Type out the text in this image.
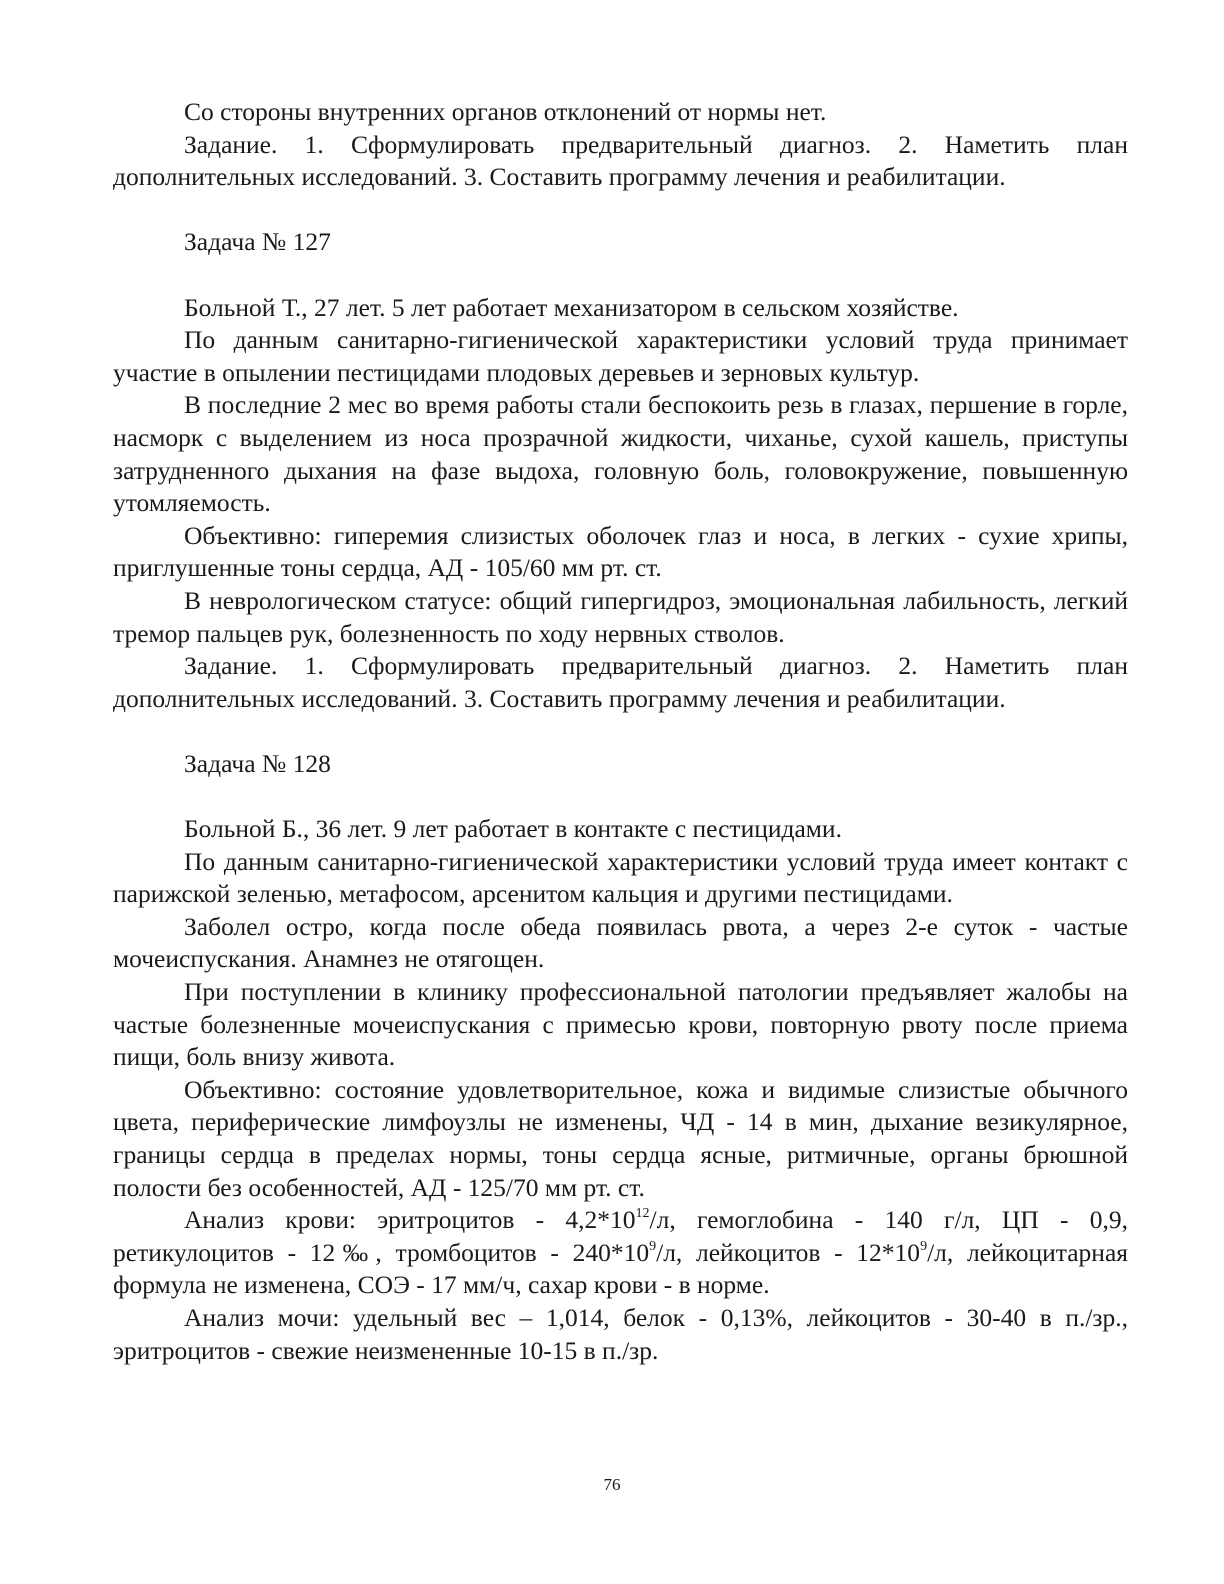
Со стороны внутренних органов отклонений от нормы нет.

Задание. 1. Сформулировать предварительный диагноз. 2. Наметить план дополнительных исследований. 3. Составить программу лечения и реабилитации.

Задача № 127

Больной Т., 27 лет. 5 лет работает механизатором в сельском хозяйстве.

По данным санитарно-гигиенической характеристики условий труда принимает участие в опылении пестицидами плодовых деревьев и зерновых культур.

В последние 2 мес во время работы стали беспокоить резь в глазах, першение в горле, насморк с выделением из носа прозрачной жидкости, чиханье, сухой кашель, приступы затрудненного дыхания на фазе выдоха, головную боль, головокружение, повышенную утомляемость.

Объективно: гиперемия слизистых оболочек глаз и носа, в легких - сухие хрипы, приглушенные тоны сердца, АД - 105/60 мм рт. ст.

В неврологическом статусе: общий гипергидроз, эмоциональная лабильность, легкий тремор пальцев рук, болезненность по ходу нервных стволов.

Задание. 1. Сформулировать предварительный диагноз. 2. Наметить план дополнительных исследований. 3. Составить программу лечения и реабилитации.

Задача № 128

Больной Б., 36 лет. 9 лет работает в контакте с пестицидами.

По данным санитарно-гигиенической характеристики условий труда имеет контакт с парижской зеленью, метафосом, арсенитом кальция и другими пестицидами.

Заболел остро, когда после обеда появилась рвота, а через 2-е суток - частые мочеиспускания. Анамнез не отягощен.

При поступлении в клинику профессиональной патологии предъявляет жалобы на частые болезненные мочеиспускания с примесью крови, повторную рвоту после приема пищи, боль внизу живота.

Объективно: состояние удовлетворительное, кожа и видимые слизистые обычного цвета, периферические лимфоузлы не изменены, ЧД - 14 в мин, дыхание везикулярное, границы сердца в пределах нормы, тоны сердца ясные, ритмичные, органы брюшной полости без особенностей, АД - 125/70 мм рт. ст.

Анализ крови: эритроцитов - $4,2*10^{12}/л$, гемоглобина - 140 г/л, ЦП - 0,9, ретикулоцитов - 12‰, тромбоцитов - $240*10^9/л$, лейкоцитов - $12*10^9/л$, лейкоцитарная формула не изменена, СОЭ - 17 мм/ч, сахар крови - в норме.

Анализ мочи: удельный вес – 1,014, белок - 0,13%, лейкоцитов - 30-40 в п./зр., эритроцитов - свежие неизмененные 10-15 в п./зр.

76
